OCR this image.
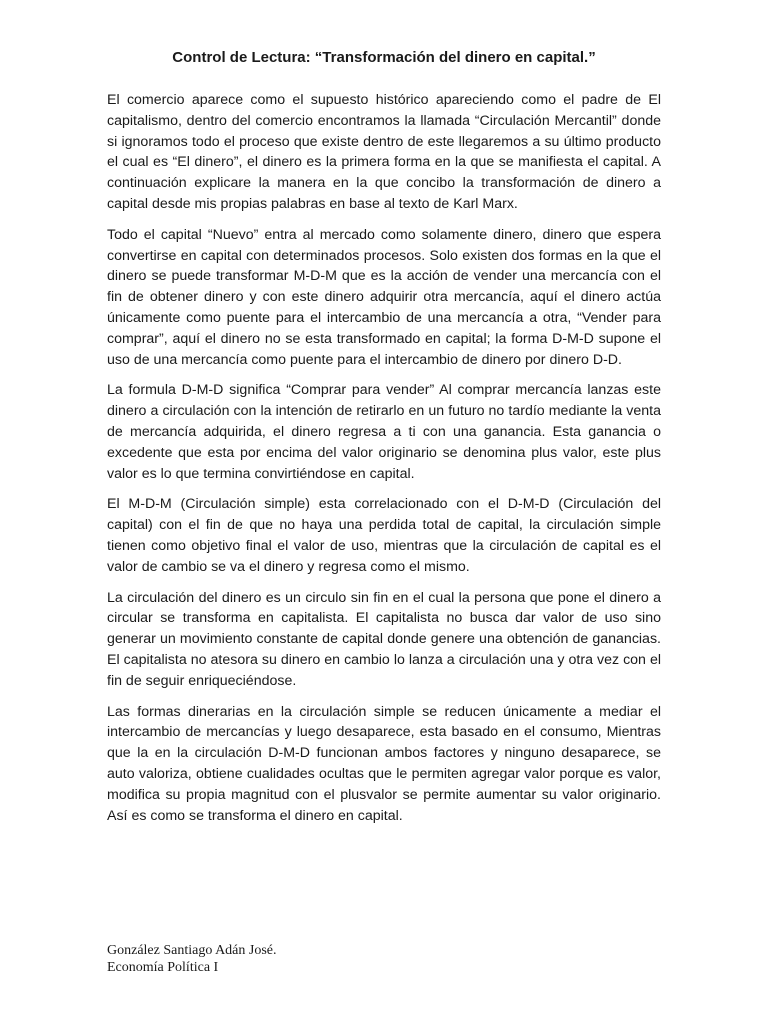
Control de Lectura: “Transformación del dinero en capital.”

El comercio aparece como el supuesto histórico apareciendo como el padre de El capitalismo, dentro del comercio encontramos la llamada “Circulación Mercantil” donde si ignoramos todo el proceso que existe dentro de este llegaremos a su último producto el cual es “El dinero”, el dinero es la primera forma en la que se manifiesta el capital. A continuación explicare la manera en la que concibo la transformación de dinero a capital desde mis propias palabras en base al texto de Karl Marx.

Todo el capital “Nuevo” entra al mercado como solamente dinero, dinero que espera convertirse en capital con determinados procesos. Solo existen dos formas en la que el dinero se puede transformar M-D-M que es la acción de vender una mercancía con el fin de obtener dinero y con este dinero adquirir otra mercancía, aquí el dinero actúa únicamente como puente para el intercambio de una mercancía a otra, “Vender para comprar”, aquí el dinero no se esta transformado en capital; la forma D-M-D supone el uso de una mercancía como puente para el intercambio de dinero por dinero D-D.

La formula D-M-D significa “Comprar para vender” Al comprar mercancía lanzas este dinero a circulación con la intención de retirarlo en un futuro no tardío mediante la venta de mercancía adquirida, el dinero regresa a ti con una ganancia. Esta ganancia o excedente que esta por encima del valor originario se denomina plus valor, este plus valor es lo que termina convirtiéndose en capital.

El M-D-M (Circulación simple) esta correlacionado con el D-M-D (Circulación del capital) con el fin de que no haya una perdida total de capital, la circulación simple tienen como objetivo final el valor de uso, mientras que la circulación de capital es el valor de cambio se va el dinero y regresa como el mismo.

La circulación del dinero es un circulo sin fin en el cual la persona que pone el dinero a circular se transforma en capitalista. El capitalista no busca dar valor de uso sino generar un movimiento constante de capital donde genere una obtención de ganancias. El capitalista no atesora su dinero en cambio lo lanza a circulación una y otra vez con el fin de seguir enriqueciéndose.

Las formas dinerarias en la circulación simple se reducen únicamente a mediar el intercambio de mercancías y luego desaparece, esta basado en el consumo, Mientras que la en la circulación D-M-D funcionan ambos factores y ninguno desaparece, se auto valoriza, obtiene cualidades ocultas que le permiten agregar valor porque es valor, modifica su propia magnitud con el plusvalor se permite aumentar su valor originario. Así es como se transforma el dinero en capital.

González Santiago Adán José.
Economía Política I
